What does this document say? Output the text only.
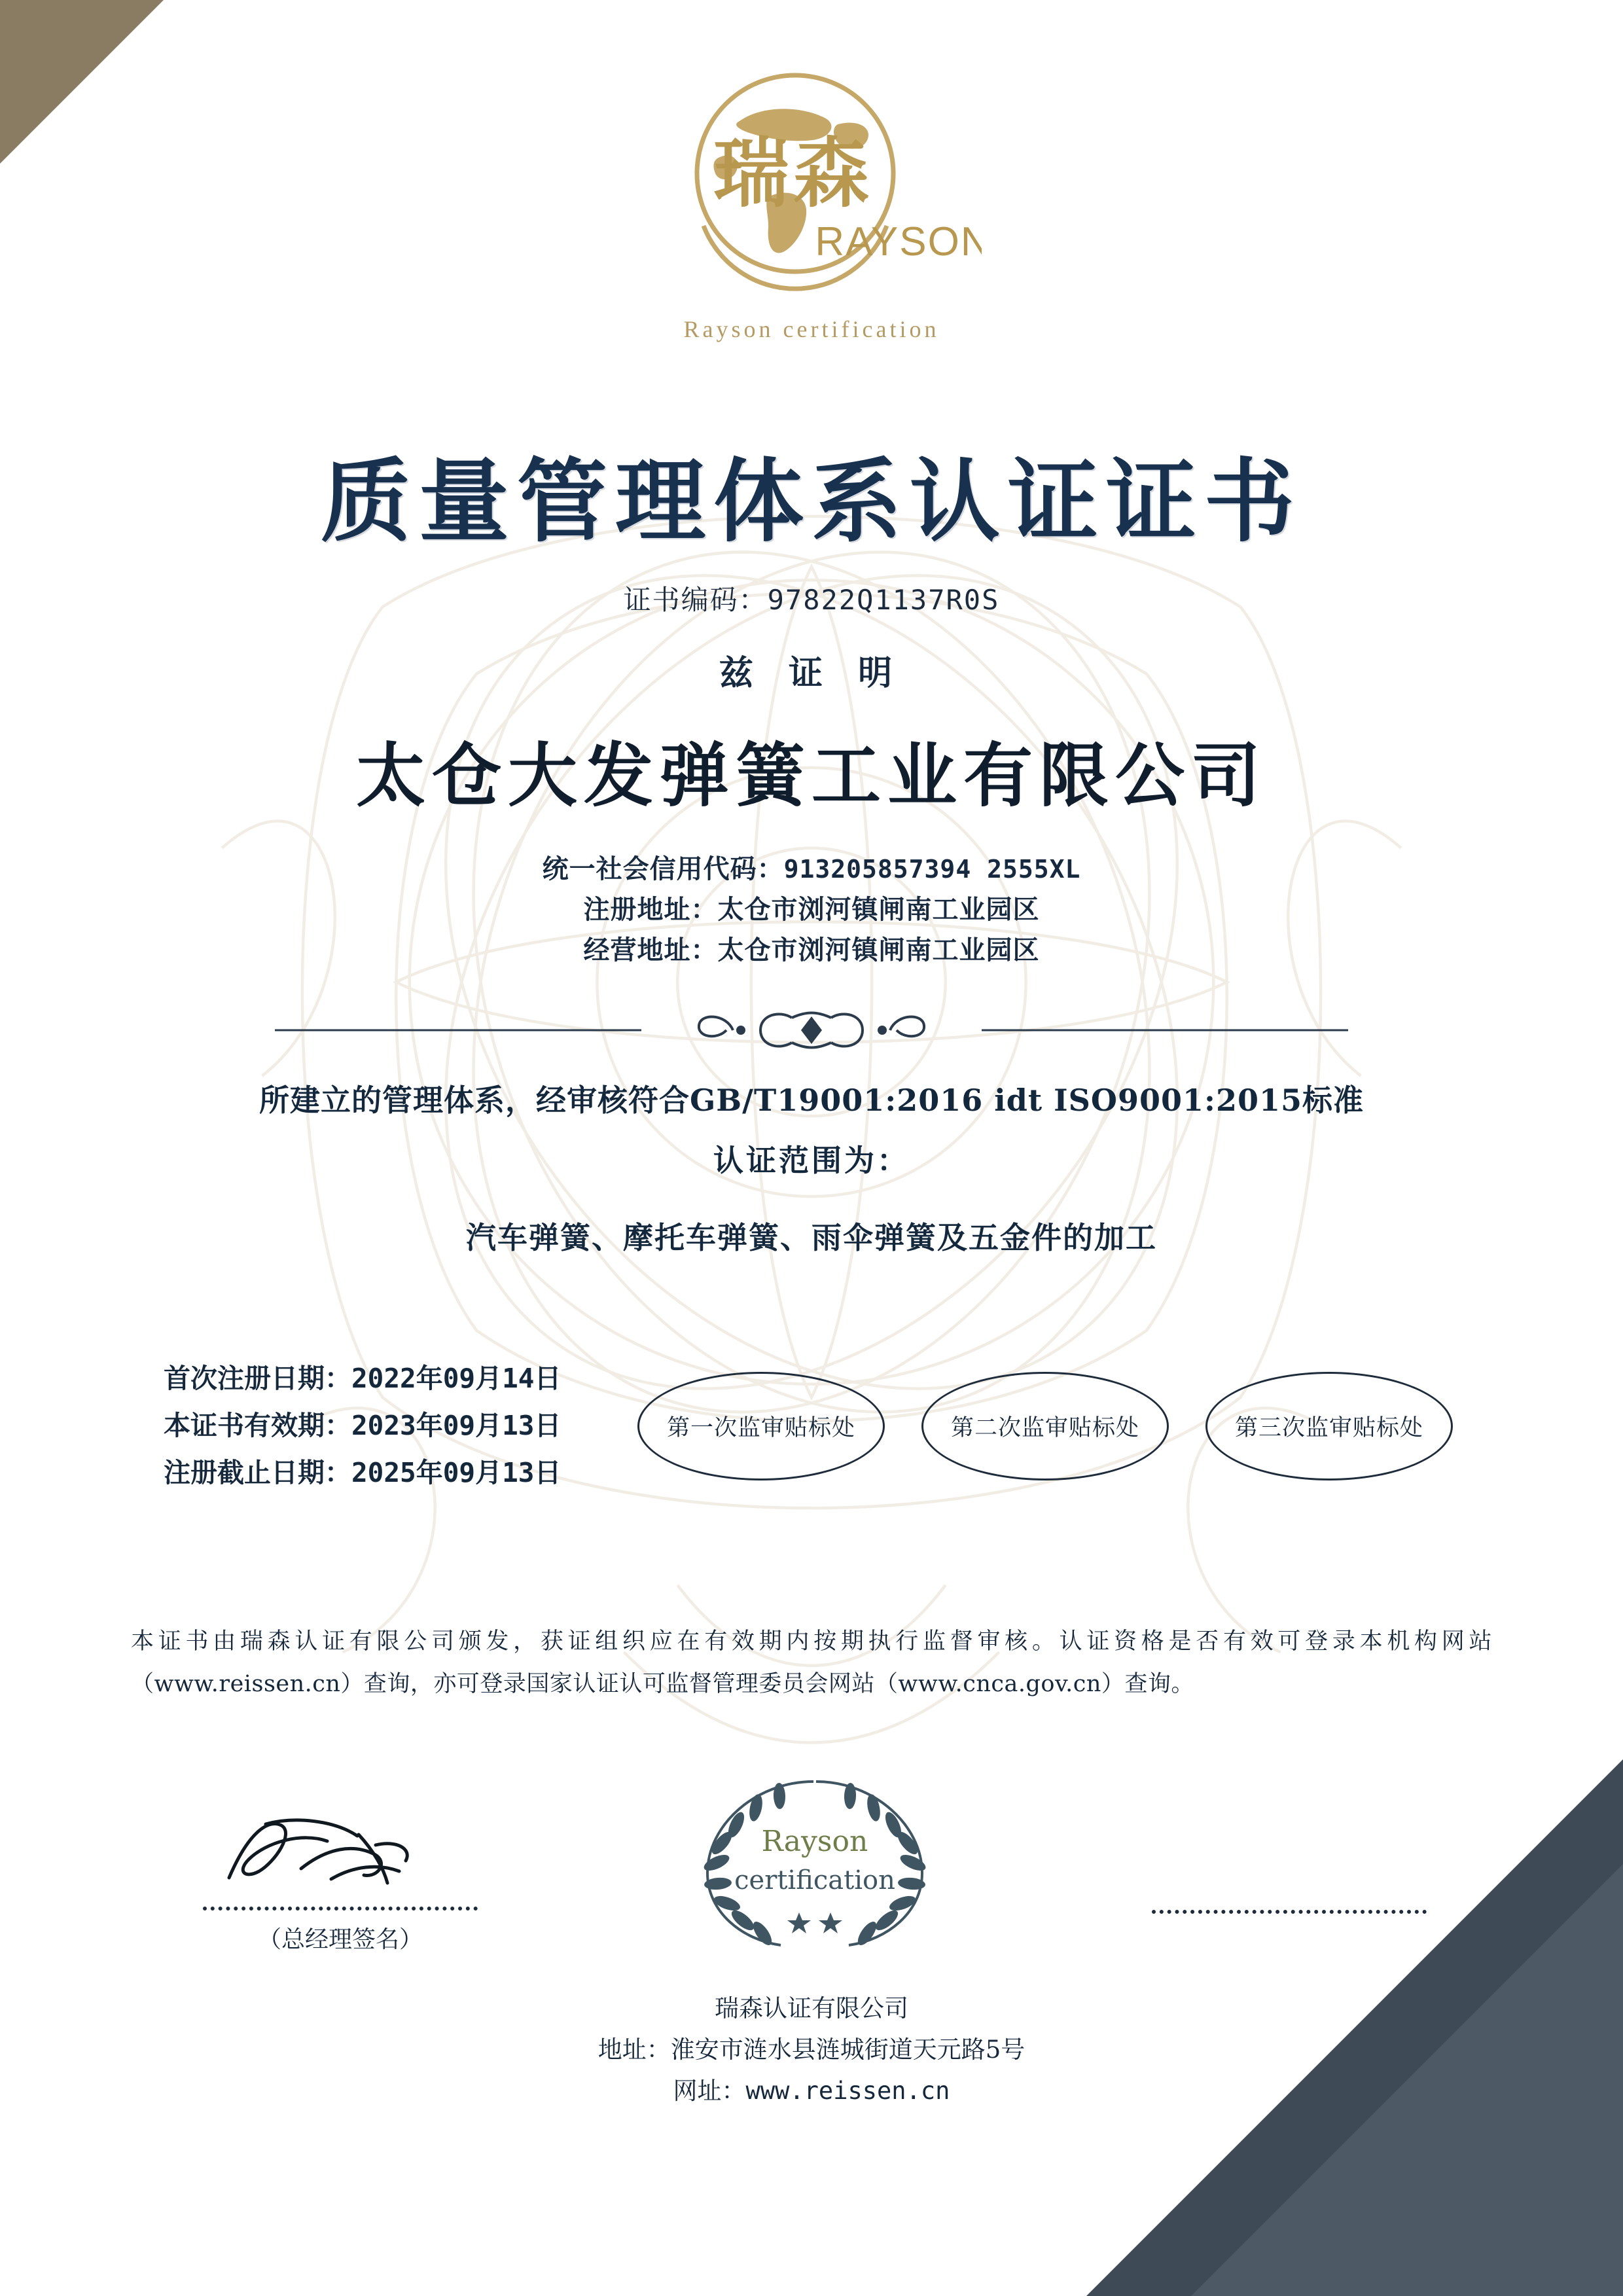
瑞森
RAYSON
Rayson certification
质量管理体系认证证书
证书编码：97822Q1137R0S
兹 证 明
太仓大发弹簧工业有限公司
统一社会信用代码：913205857394 2555XL
注册地址：太仓市浏河镇闸南工业园区
经营地址：太仓市浏河镇闸南工业园区
所建立的管理体系，经审核符合GB/T19001:2016 idt ISO9001:2015标准
认证范围为：
汽车弹簧、摩托车弹簧、雨伞弹簧及五金件的加工
首次注册日期：2022年09月14日
本证书有效期：2023年09月13日
注册截止日期：2025年09月13日
第一次监审贴标处	第二次监审贴标处	第三次监审贴标处
本证书由瑞森认证有限公司颁发，获证组织应在有效期内按期执行监督审核。认证资格是否有效可登录本机构网站（www.reissen.cn）查询，亦可登录国家认证认可监督管理委员会网站（www.cnca.gov.cn）查询。
（总经理签名）
Rayson
certification
瑞森认证有限公司
地址：淮安市涟水县涟城街道天元路5号
网址：www.reissen.cn
